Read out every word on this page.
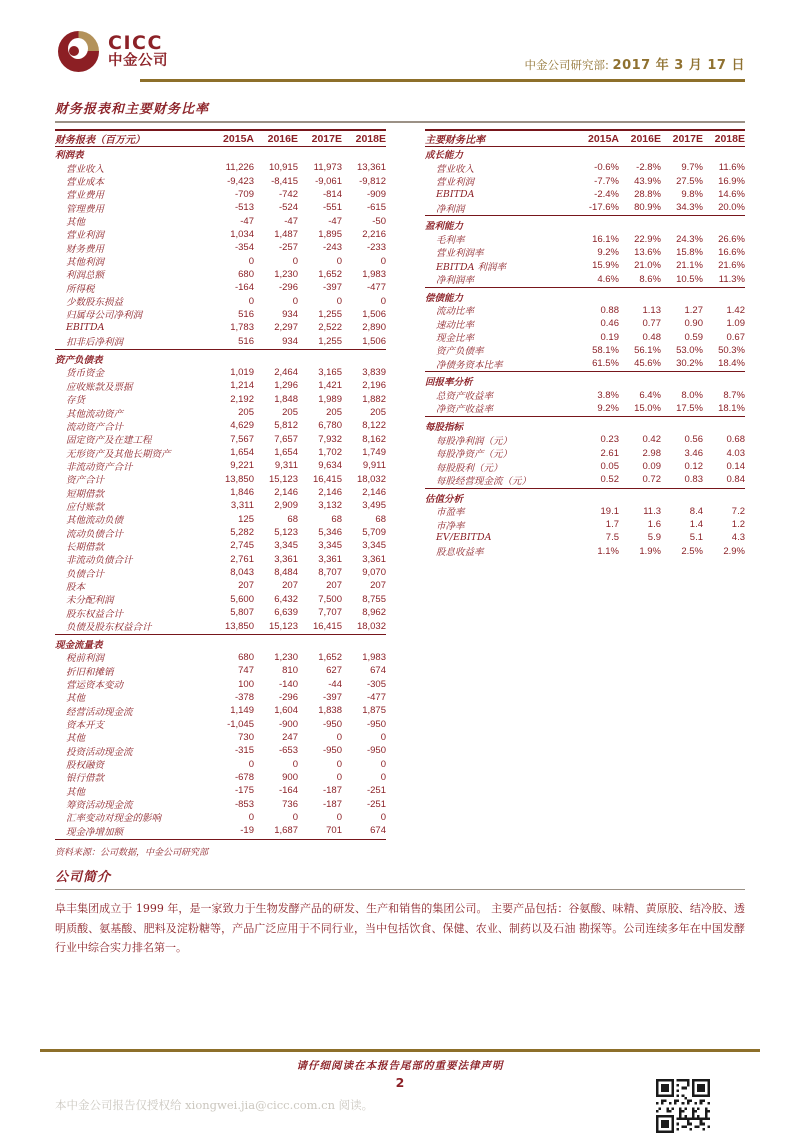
CICC
中金公司	中金公司研究部: 2017 年 3 月 17 日
财务报表和主要财务比率
财务报表（百万元）	2015A	2016E	2017E	2018E
利润表
营业收入	11,226	10,915	11,973	13,361
营业成本	-9,423	-8,415	-9,061	-9,812
营业费用	-709	-742	-814	-909
管理费用	-513	-524	-551	-615
其他	-47	-47	-47	-50
营业利润	1,034	1,487	1,895	2,216
财务费用	-354	-257	-243	-233
其他利润	0	0	0	0
利润总额	680	1,230	1,652	1,983
所得税	-164	-296	-397	-477
少数股东损益	0	0	0	0
归属母公司净利润	516	934	1,255	1,506
EBITDA	1,783	2,297	2,522	2,890
扣非后净利润	516	934	1,255	1,506
资产负债表
货币资金	1,019	2,464	3,165	3,839
应收账款及票据	1,214	1,296	1,421	2,196
存货	2,192	1,848	1,989	1,882
其他流动资产	205	205	205	205
流动资产合计	4,629	5,812	6,780	8,122
固定资产及在建工程	7,567	7,657	7,932	8,162
无形资产及其他长期资产	1,654	1,654	1,702	1,749
非流动资产合计	9,221	9,311	9,634	9,911
资产合计	13,850	15,123	16,415	18,032
短期借款	1,846	2,146	2,146	2,146
应付账款	3,311	2,909	3,132	3,495
其他流动负债	125	68	68	68
流动负债合计	5,282	5,123	5,346	5,709
长期借款	2,745	3,345	3,345	3,345
非流动负债合计	2,761	3,361	3,361	3,361
负债合计	8,043	8,484	8,707	9,070
股本	207	207	207	207
未分配利润	5,600	6,432	7,500	8,755
股东权益合计	5,807	6,639	7,707	8,962
负债及股东权益合计	13,850	15,123	16,415	18,032
现金流量表
税前利润	680	1,230	1,652	1,983
折旧和摊销	747	810	627	674
营运资本变动	100	-140	-44	-305
其他	-378	-296	-397	-477
经营活动现金流	1,149	1,604	1,838	1,875
资本开支	-1,045	-900	-950	-950
其他	730	247	0	0
投资活动现金流	-315	-653	-950	-950
股权融资	0	0	0	0
银行借款	-678	900	0	0
其他	-175	-164	-187	-251
筹资活动现金流	-853	736	-187	-251
汇率变动对现金的影响	0	0	0	0
现金净增加额	-19	1,687	701	674
资料来源：公司数据，中金公司研究部
主要财务比率	2015A	2016E	2017E	2018E
成长能力
营业收入	-0.6%	-2.8%	9.7%	11.6%
营业利润	-7.7%	43.9%	27.5%	16.9%
EBITDA	-2.4%	28.8%	9.8%	14.6%
净利润	-17.6%	80.9%	34.3%	20.0%
盈利能力
毛利率	16.1%	22.9%	24.3%	26.6%
营业利润率	9.2%	13.6%	15.8%	16.6%
EBITDA 利润率	15.9%	21.0%	21.1%	21.6%
净利润率	4.6%	8.6%	10.5%	11.3%
偿债能力
流动比率	0.88	1.13	1.27	1.42
速动比率	0.46	0.77	0.90	1.09
现金比率	0.19	0.48	0.59	0.67
资产负债率	58.1%	56.1%	53.0%	50.3%
净债务资本比率	61.5%	45.6%	30.2%	18.4%
回报率分析
总资产收益率	3.8%	6.4%	8.0%	8.7%
净资产收益率	9.2%	15.0%	17.5%	18.1%
每股指标
每股净利润（元）	0.23	0.42	0.56	0.68
每股净资产（元）	2.61	2.98	3.46	4.03
每股股利（元）	0.05	0.09	0.12	0.14
每股经营现金流（元）	0.52	0.72	0.83	0.84
估值分析
市盈率	19.1	11.3	8.4	7.2
市净率	1.7	1.6	1.4	1.2
EV/EBITDA	7.5	5.9	5.1	4.3
股息收益率	1.1%	1.9%	2.5%	2.9%
公司简介
阜丰集团成立于 1999 年，是一家致力于生物发酵产品的研发、生产和销售的集团公司。 主要产品包括：谷氨酸、味精、黄原胶、结冷胶、透明质酸、氨基酸、肥料及淀粉糖等，产品广泛应用于不同行业，当中包括饮食、保健、农业、制药以及石油 勘探等。公司连续多年在中国发酵行业中综合实力排名第一。
请仔细阅读在本报告尾部的重要法律声明
2
本中金公司报告仅授权给 xiongwei.jia@cicc.com.cn 阅读。
